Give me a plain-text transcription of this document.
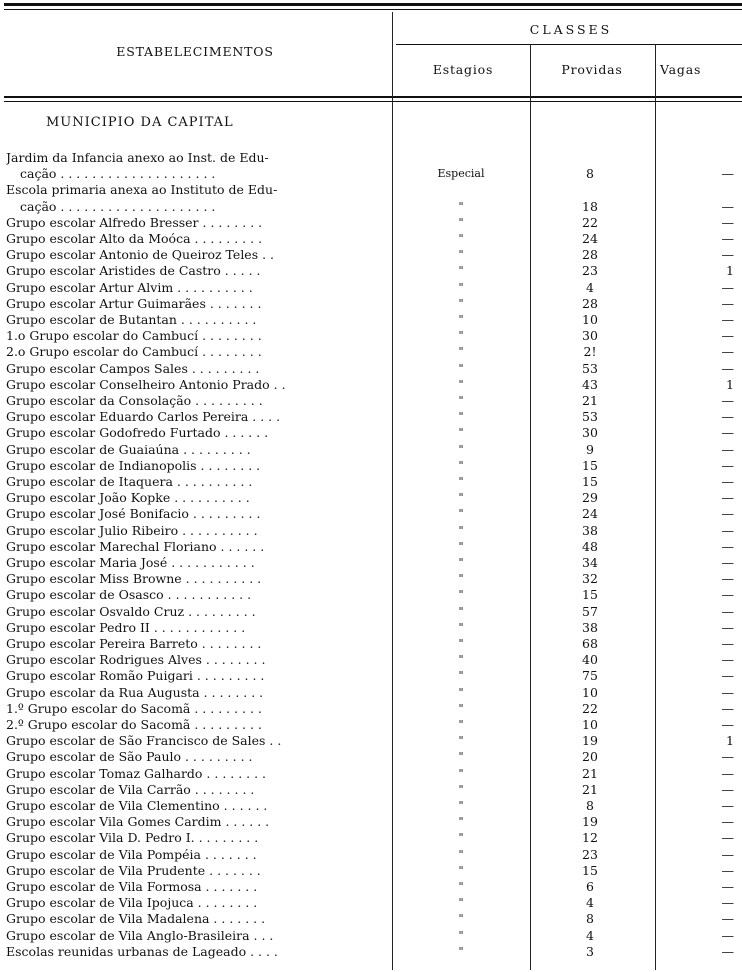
ESTABELECIMENTOS
CLASSES
Estagios	Providas	Vagas
MUNICIPIO DA CAPITAL
Jardim da Infancia anexo ao Inst. de Edu-
cação . . . . . . . . . . . . . . . . . . . .	Especial	8	—
Escola primaria anexa ao Instituto de Edu-
cação . . . . . . . . . . . . . . . . . . . .	"	18	—
Grupo escolar Alfredo Bresser . . . . . . . .	"	22	—
Grupo escolar Alto da Moóca . . . . . . . . .	"	24	—
Grupo escolar Antonio de Queiroz Teles . .	"	28	—
Grupo escolar Aristides de Castro . . . . .	"	23	1
Grupo escolar Artur Alvim . . . . . . . . . .	"	4	—
Grupo escolar Artur Guimarães . . . . . . .	"	28	—
Grupo escolar de Butantan . . . . . . . . . .	"	10	—
1.o Grupo escolar do Cambucí . . . . . . . .	"	30	—
2.o Grupo escolar do Cambucí . . . . . . . .	"	2!	—
Grupo escolar Campos Sales . . . . . . . . .	"	53	—
Grupo escolar Conselheiro Antonio Prado . .	"	43	1
Grupo escolar da Consolação . . . . . . . . .	"	21	—
Grupo escolar Eduardo Carlos Pereira . . . .	"	53	—
Grupo escolar Godofredo Furtado . . . . . .	"	30	—
Grupo escolar de Guaiaúna . . . . . . . . .	"	9	—
Grupo escolar de Indianopolis . . . . . . . .	"	15	—
Grupo escolar de Itaquera . . . . . . . . . .	"	15	—
Grupo escolar João Kopke . . . . . . . . . .	"	29	—
Grupo escolar José Bonifacio . . . . . . . . .	"	24	—
Grupo escolar Julio Ribeiro . . . . . . . . . .	"	38	—
Grupo escolar Marechal Floriano . . . . . .	"	48	—
Grupo escolar Maria José . . . . . . . . . . .	"	34	—
Grupo escolar Miss Browne . . . . . . . . . .	"	32	—
Grupo escolar de Osasco . . . . . . . . . . .	"	15	—
Grupo escolar Osvaldo Cruz . . . . . . . . .	"	57	—
Grupo escolar Pedro II . . . . . . . . . . . .	"	38	—
Grupo escolar Pereira Barreto . . . . . . . .	"	68	—
Grupo escolar Rodrigues Alves . . . . . . . .	"	40	—
Grupo escolar Romão Puigari . . . . . . . . .	"	75	—
Grupo escolar da Rua Augusta . . . . . . . .	"	10	—
1.º Grupo escolar do Sacomã . . . . . . . . .	"	22	—
2.º Grupo escolar do Sacomã . . . . . . . . .	"	10	—
Grupo escolar de São Francisco de Sales . .	"	19	1
Grupo escolar de São Paulo . . . . . . . . .	"	20	—
Grupo escolar Tomaz Galhardo . . . . . . . .	"	21	—
Grupo escolar de Vila Carrão . . . . . . . .	"	21	—
Grupo escolar de Vila Clementino . . . . . .	"	8	—
Grupo escolar Vila Gomes Cardim . . . . . .	"	19	—
Grupo escolar Vila D. Pedro I. . . . . . . . .	"	12	—
Grupo escolar de Vila Pompéia . . . . . . .	"	23	—
Grupo escolar de Vila Prudente . . . . . . .	"	15	—
Grupo escolar de Vila Formosa . . . . . . .	"	6	—
Grupo escolar de Vila Ipojuca . . . . . . . .	"	4	—
Grupo escolar de Vila Madalena . . . . . . .	"	8	—
Grupo escolar de Vila Anglo-Brasileira . . .	"	4	—
Escolas reunidas urbanas de Lageado . . . .	"	3	—
